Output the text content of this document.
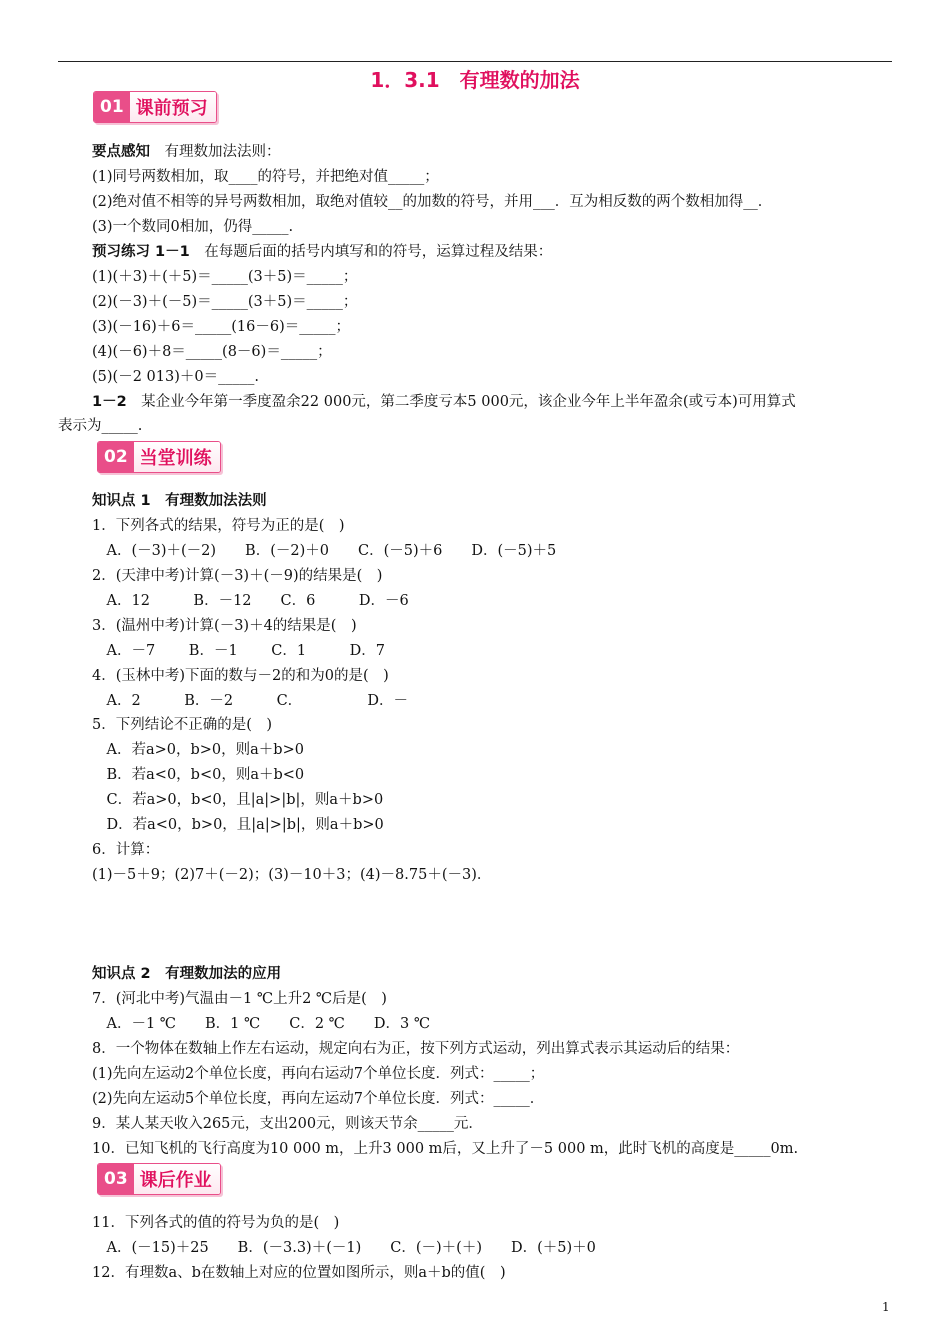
1．3.1　有理数的加法
01 课前预习
要点感知　有理数加法法则：
(1)同号两数相加，取____的符号，并把绝对值_____；
(2)绝对值不相等的异号两数相加，取绝对值较__的加数的符号，并用___．互为相反数的两个数相加得__．
(3)一个数同0相加，仍得_____.
预习练习 1－1　在每题后面的括号内填写和的符号，运算过程及结果：
(1)(＋3)＋(＋5)＝_____(3＋5)＝_____；
(2)(－3)＋(－5)＝_____(3＋5)＝_____；
(3)(－16)＋6＝_____(16－6)＝_____；
(4)(－6)＋8＝_____(8－6)＝_____；
(5)(－2 013)＋0＝_____.
1－2　某企业今年第一季度盈余22 000元，第二季度亏本5 000元，该企业今年上半年盈余(或亏本)可用算式
表示为_____.
02 当堂训练
知识点 1　有理数加法法则
1．下列各式的结果，符号为正的是(　)
　A．(－3)＋(－2)　　B．(－2)＋0　　C．(－5)＋6　　D．(－5)＋5
2．(天津中考)计算(－3)＋(－9)的结果是(　)
　A．12　　　B．－12　　C．6　　　D．－6
3．(温州中考)计算(－3)＋4的结果是(　)
　A．－7　　 B．－1　　 C．1　　　D．7
4．(玉林中考)下面的数与－2的和为0的是(　)
　A．2　　　B．－2　　　C．　　　　　D．－
5．下列结论不正确的是(　)
　A．若a>0，b>0，则a＋b>0
　B．若a<0，b<0，则a＋b<0
　C．若a>0，b<0，且|a|>|b|，则a＋b>0
　D．若a<0，b>0，且|a|>|b|，则a＋b>0
6．计算：
(1)－5＋9；(2)7＋(－2)；(3)－10＋3；(4)－8.75＋(－3)．
知识点 2　有理数加法的应用
7．(河北中考)气温由－1 ℃上升2 ℃后是(　)
　A．－1 ℃　　B．1 ℃　　C．2 ℃　　D．3 ℃
8．一个物体在数轴上作左右运动，规定向右为正，按下列方式运动，列出算式表示其运动后的结果：
(1)先向左运动2个单位长度，再向右运动7个单位长度．列式：_____；
(2)先向左运动5个单位长度，再向左运动7个单位长度．列式：_____．
9．某人某天收入265元，支出200元，则该天节余_____元．
10．已知飞机的飞行高度为10 000 m，上升3 000 m后，又上升了－5 000 m，此时飞机的高度是_____0m.
03 课后作业
11．下列各式的值的符号为负的是(　)
　A．(－15)＋25　　B．(－3.3)＋(－1)　　C．(－)＋(＋)　　D．(＋5)＋0
12．有理数a、b在数轴上对应的位置如图所示，则a＋b的值(　)
1
